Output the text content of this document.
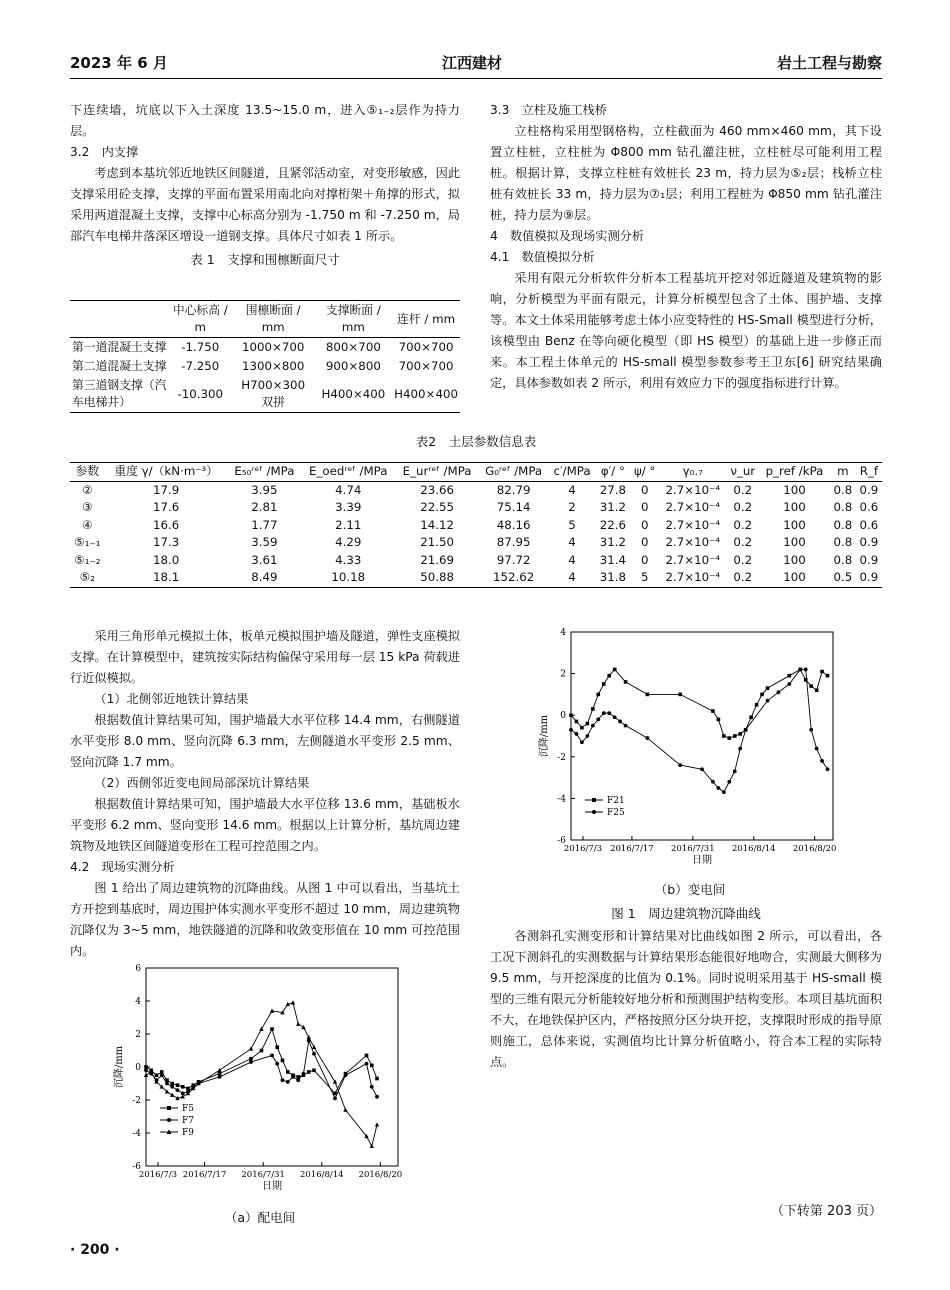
2023 年 6 月	江西建材	岩土工程与勘察

下连续墙，坑底以下入土深度 13.5~15.0 m，进入⑤₁₋₂层作为持力层。

3.2　内支撑

考虑到本基坑邻近地铁区间隧道，且紧邻活动室，对变形敏感，因此支撑采用砼支撑，支撑的平面布置采用南北向对撑桁架＋角撑的形式，拟采用两道混凝土支撑，支撑中心标高分别为 -1.750 m 和 -7.250 m，局部汽车电梯井落深区增设一道钢支撑。具体尺寸如表 1 所示。

表 1　支撑和围檩断面尺寸
	中心标高 / m	围檩断面 / mm	支撑断面 / mm	连杆 / mm
第一道混凝土支撑	-1.750	1000×700	800×700	700×700
第二道混凝土支撑	-7.250	1300×800	900×800	700×700
第三道钢支撑（汽车电梯井）	-10.300	H700×300 双拼	H400×400	H400×400

3.3　立柱及施工栈桥

立柱格构采用型钢格构，立柱截面为 460 mm×460 mm，其下设置立柱桩，立柱桩为 Φ800 mm 钻孔灌注桩，立柱桩尽可能利用工程桩。根据计算，支撑立柱桩有效桩长 23 m，持力层为⑤₂层；栈桥立柱桩有效桩长 33 m，持力层为⑦₁层；利用工程桩为 Φ850 mm 钻孔灌注桩，持力层为⑨层。

4　数值模拟及现场实测分析

4.1　数值模拟分析

采用有限元分析软件分析本工程基坑开挖对邻近隧道及建筑物的影响，分析模型为平面有限元，计算分析模型包含了土体、围护墙、支撑等。本文土体采用能够考虑土体小应变特性的 HS-Small 模型进行分析，该模型由 Benz 在等向硬化模型（即 HS 模型）的基础上进一步修正而来。本工程土体单元的 HS-small 模型参数参考王卫东[6] 研究结果确定，具体参数如表 2 所示，利用有效应力下的强度指标进行计算。

表2　土层参数信息表
参数	重度 γ/（kN·m⁻³）	E₅₀ʳᵉᶠ /MPa	E_oedʳᵉᶠ /MPa	E_urʳᵉᶠ /MPa	G₀ʳᵉᶠ /MPa	c′/MPa	φ′/ °	ψ/ °	γ₀.₇	ν_ur	p_ref /kPa	m	R_f
②	17.9	3.95	4.74	23.66	82.79	4	27.8	0	2.7×10⁻⁴	0.2	100	0.8	0.9
③	17.6	2.81	3.39	22.55	75.14	2	31.2	0	2.7×10⁻⁴	0.2	100	0.8	0.6
④	16.6	1.77	2.11	14.12	48.16	5	22.6	0	2.7×10⁻⁴	0.2	100	0.8	0.6
⑤₁₋₁	17.3	3.59	4.29	21.50	87.95	4	31.2	0	2.7×10⁻⁴	0.2	100	0.8	0.9
⑤₁₋₂	18.0	3.61	4.33	21.69	97.72	4	31.4	0	2.7×10⁻⁴	0.2	100	0.8	0.9
⑤₂	18.1	8.49	10.18	50.88	152.62	4	31.8	5	2.7×10⁻⁴	0.2	100	0.5	0.9

采用三角形单元模拟土体，板单元模拟围护墙及隧道，弹性支座模拟支撑。在计算模型中，建筑按实际结构偏保守采用每一层 15 kPa 荷载进行近似模拟。

（1）北侧邻近地铁计算结果

根据数值计算结果可知，围护墙最大水平位移 14.4 mm，右侧隧道水平变形 8.0 mm、竖向沉降 6.3 mm，左侧隧道水平变形 2.5 mm、竖向沉降 1.7 mm。

（2）西侧邻近变电间局部深坑计算结果

根据数值计算结果可知，围护墙最大水平位移 13.6 mm，基础板水平变形 6.2 mm、竖向变形 14.6 mm。根据以上计算分析，基坑周边建筑物及地铁区间隧道变形在工程可控范围之内。

4.2　现场实测分析

图 1 给出了周边建筑物的沉降曲线。从图 1 中可以看出，当基坑土方开挖到基底时，周边围护体实测水平变形不超过 10 mm，周边建筑物沉降仅为 3~5 mm，地铁隧道的沉降和收敛变形值在 10 mm 可控范围内。

6
4
2
0
-2
-4
-6
2016/7/3 2016/7/17 2016/7/31 2016/8/14 2016/8/20
日期
沉降/mm
F5
F7
F9
（a）配电间
4
2
0
-2
-4
-6
2016/7/3 2016/7/17 2016/7/31 2016/8/14 2016/8/20
日期
沉降/mm
F21
F25
（b）变电间
图 1　周边建筑物沉降曲线

各测斜孔实测变形和计算结果对比曲线如图 2 所示，可以看出，各工况下测斜孔的实测数据与计算结果形态能很好地吻合，实测最大侧移为 9.5 mm，与开挖深度的比值为 0.1%。同时说明采用基于 HS-small 模型的三维有限元分析能较好地分析和预测围护结构变形。本项目基坑面积不大，在地铁保护区内，严格按照分区分块开挖，支撑限时形成的指导原则施工，总体来说，实测值均比计算分析值略小，符合本工程的实际特点。

（下转第 203 页）
· 200 ·
